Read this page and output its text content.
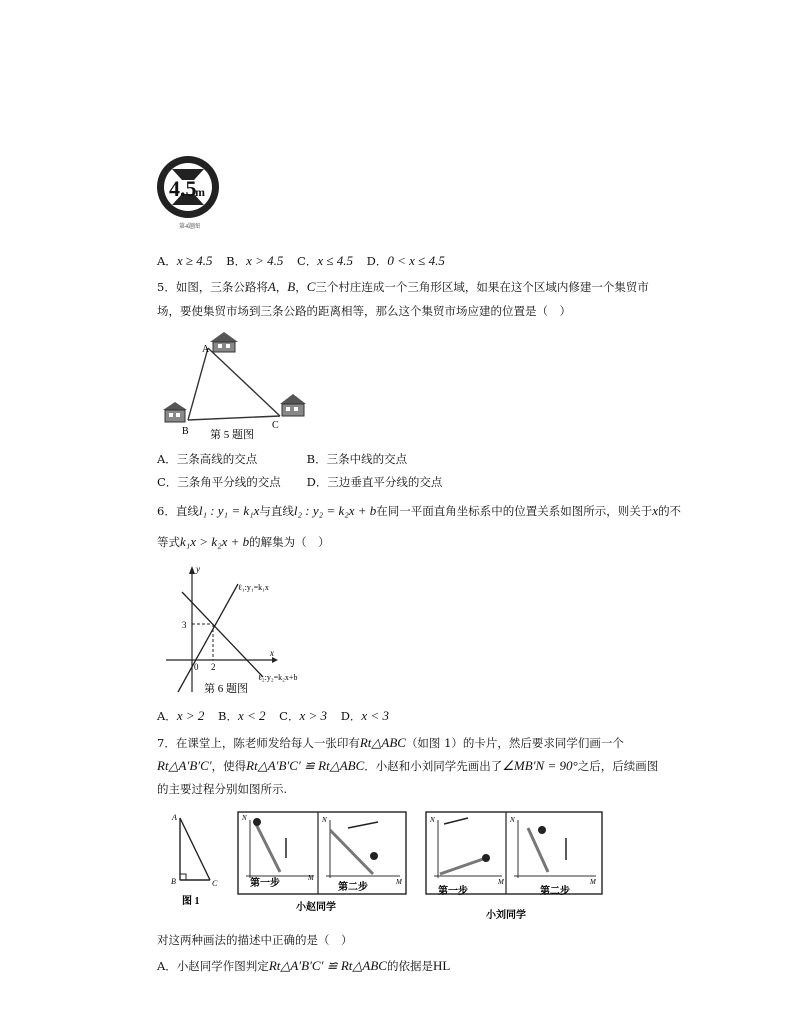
4.5
m
第4题图
A．x ≥ 4.5 B．x > 4.5 C．x ≤ 4.5 D．0 < x ≤ 4.5
5．如图，三条公路将A，B，C三个村庄连成一个三角形区域，如果在这个区域内修建一个集贸市
场，要使集贸市场到三条公路的距离相等，那么这个集贸市场应建的位置是（　）
A
B
C
第 5 题图
A．三条高线的交点	B．三条中线的交点
C．三条角平分线的交点 D．三边垂直平分线的交点
6．直线l₁ : y₁ = k₁x与直线l₂ : y₂ = k₂x + b在同一平面直角坐标系中的位置关系如图所示，则关于x的不
等式k₁x > k₂x + b的解集为（　）
x
y
3
0 2
ℓ₁:y₁=k₁x
ℓ₂:y₂=k₂x+b
第 6 题图
A．x > 2 B．x < 2 C．x > 3 D．x < 3
7．在课堂上，陈老师发给每人一张印有Rt△ABC（如图 1）的卡片，然后要求同学们画一个
Rt△A′B′C′，使得Rt△A′B′C′ ≌ Rt△ABC．小赵和小刘同学先画出了∠MB′N = 90°之后，后续画图
的主要过程分别如图所示.
A
B	C
图 1
N
M
第一步
N
M
第二步
小赵同学
N
M
第一步
N
M
第二步
小刘同学
对这两种画法的描述中正确的是（　）
A．小赵同学作图判定Rt△A′B′C′ ≌ Rt△ABC的依据是HL
